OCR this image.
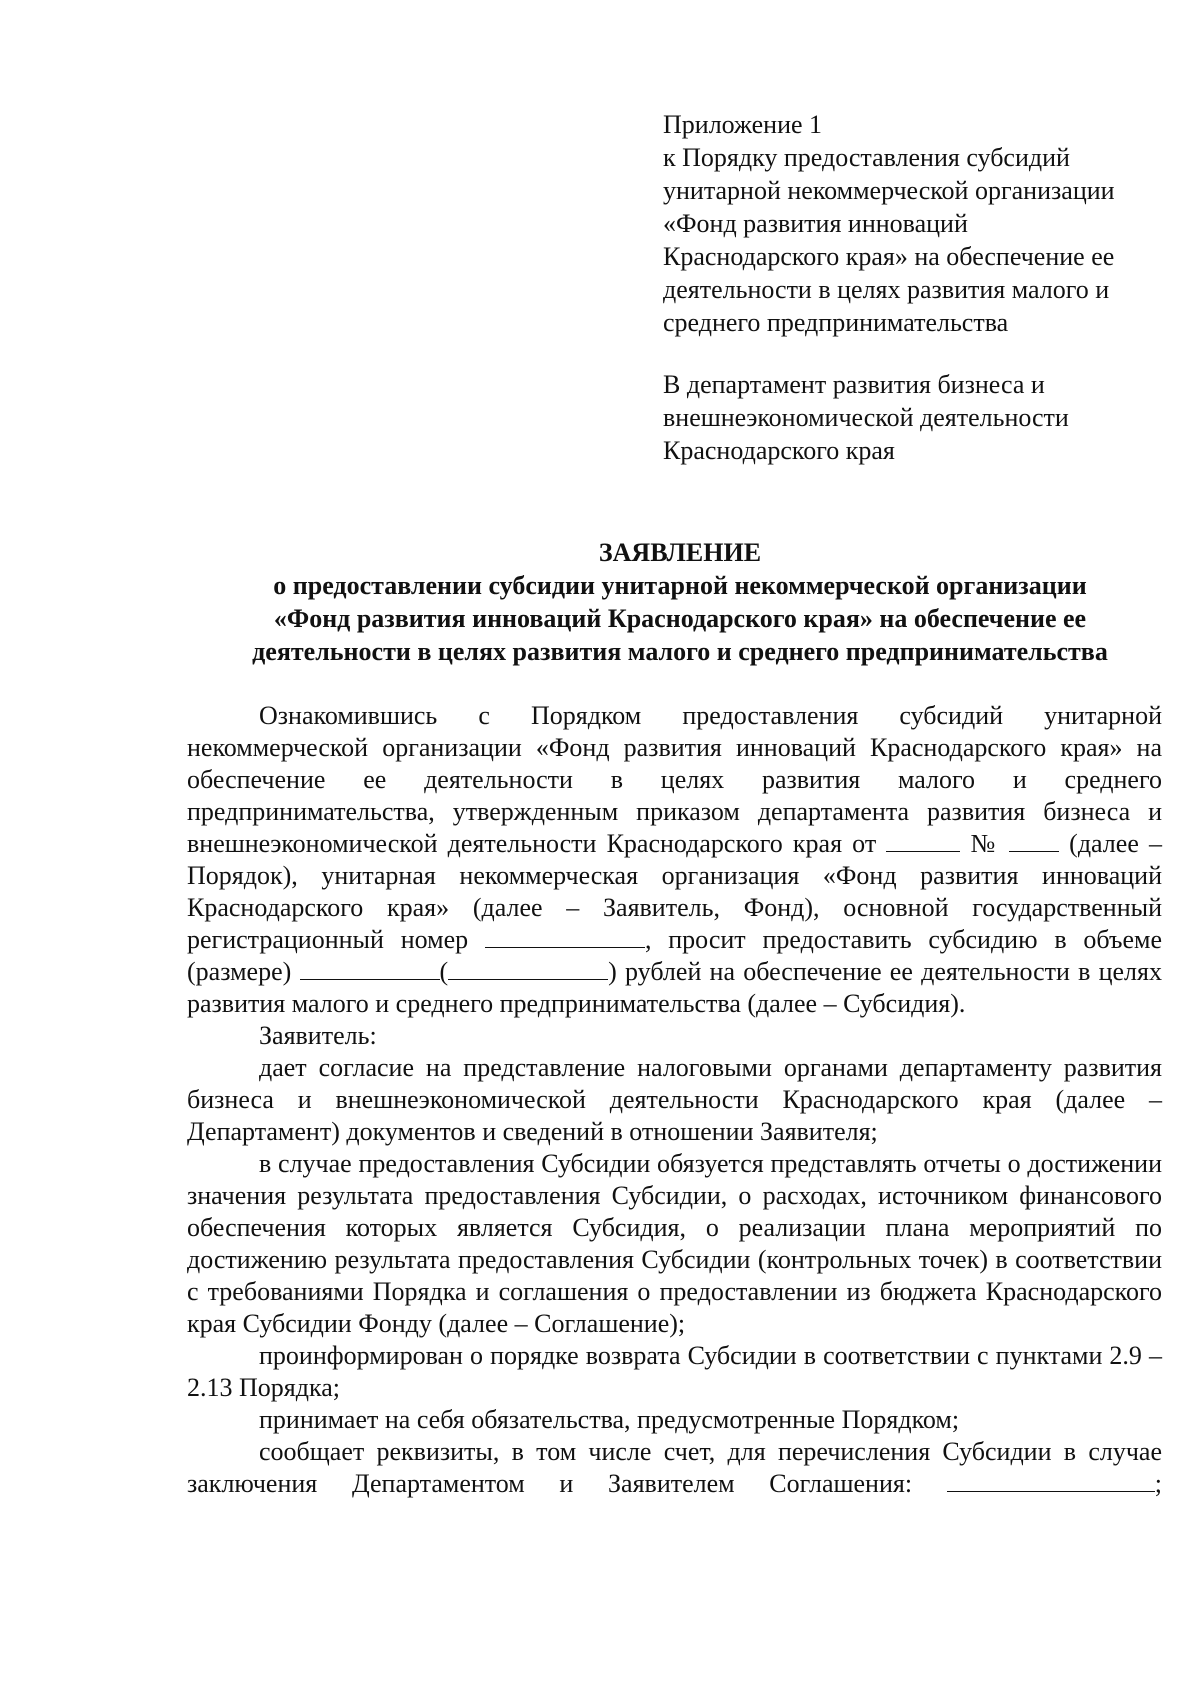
Приложение 1
к Порядку предоставления субсидий
унитарной некоммерческой организации
«Фонд развития инноваций
Краснодарского края» на обеспечение ее
деятельности в целях развития малого и
среднего предпринимательства
В департамент развития бизнеса и
внешнеэкономической деятельности
Краснодарского края
ЗАЯВЛЕНИЕ
о предоставлении субсидии унитарной некоммерческой организации
«Фонд развития инноваций Краснодарского края» на обеспечение ее
деятельности в целях развития малого и среднего предпринимательства

Ознакомившись с Порядком предоставления субсидий унитарной некоммерческой организации «Фонд развития инноваций Краснодарского края» на обеспечение ее деятельности в целях развития малого и среднего предпринимательства, утвержденным приказом департамента развития бизнеса и внешнеэкономической деятельности Краснодарского края от	№	(далее – Порядок), унитарная некоммерческая организация «Фонд развития инноваций Краснодарского края» (далее – Заявитель, Фонд), основной государственный регистрационный номер	, просит предоставить субсидию в объеме (размере)	(	) рублей на обеспечение ее деятельности в целях развития малого и среднего предпринимательства (далее – Субсидия).

Заявитель:

дает согласие на представление налоговыми органами департаменту развития бизнеса и внешнеэкономической деятельности Краснодарского края (далее – Департамент) документов и сведений в отношении Заявителя;

в случае предоставления Субсидии обязуется представлять отчеты о достижении значения результата предоставления Субсидии, о расходах, источником финансового обеспечения которых является Субсидия, о реализации плана мероприятий по достижению результата предоставления Субсидии (контрольных точек) в соответствии с требованиями Порядка и соглашения о предоставлении из бюджета Краснодарского края Субсидии Фонду (далее – Соглашение);

проинформирован о порядке возврата Субсидии в соответствии с пунктами 2.9 – 2.13 Порядка;

принимает на себя обязательства, предусмотренные Порядком;

сообщает реквизиты, в том числе счет, для перечисления Субсидии в случае заключения Департаментом и Заявителем Соглашения:	;
